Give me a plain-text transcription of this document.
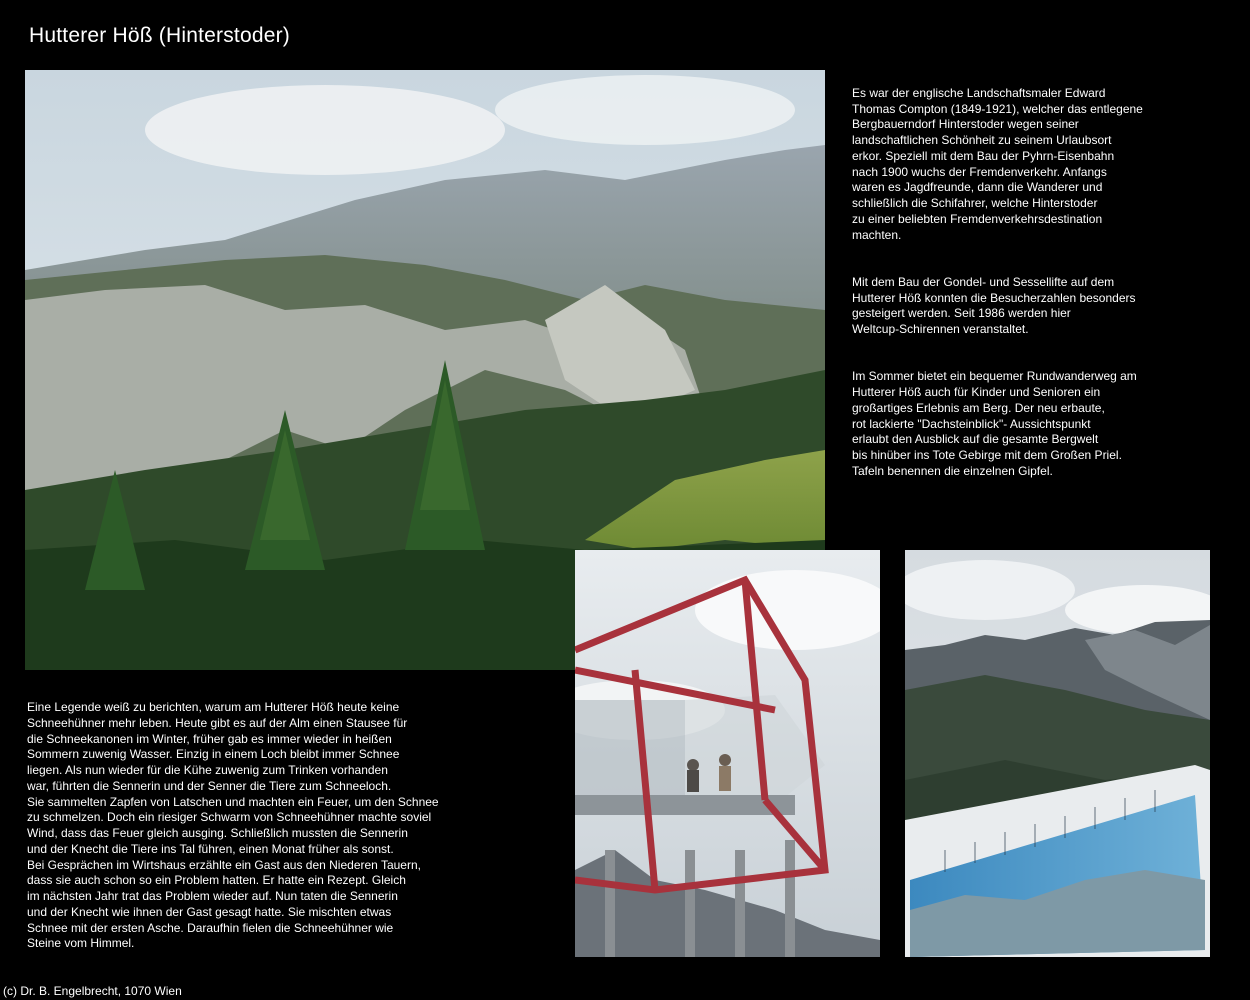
Hutterer Höß (Hinterstoder)

Es war der englische Landschaftsmaler Edward
Thomas Compton (1849-1921), welcher das entlegene
Bergbauerndorf Hinterstoder wegen seiner
landschaftlichen Schönheit zu seinem Urlaubsort
erkor. Speziell mit dem Bau der Pyhrn-Eisenbahn
nach 1900 wuchs der Fremdenverkehr. Anfangs
waren es Jagdfreunde, dann die Wanderer und
schließlich die Schifahrer, welche Hinterstoder
zu einer beliebten Fremdenverkehrsdestination
machten.

Mit dem Bau der Gondel- und Sessellifte auf dem
Hutterer Höß konnten die Besucherzahlen besonders
gesteigert werden. Seit 1986 werden hier
Weltcup-Schirennen veranstaltet.

Im Sommer bietet ein bequemer Rundwanderweg am
Hutterer Höß auch für Kinder und Senioren ein
großartiges Erlebnis am Berg. Der neu erbaute,
rot lackierte "Dachsteinblick"- Aussichtspunkt
erlaubt den Ausblick auf die gesamte Bergwelt
bis hinüber ins Tote Gebirge mit dem Großen Priel.
Tafeln benennen die einzelnen Gipfel.

Eine Legende weiß zu berichten, warum am Hutterer Höß heute keine
Schneehühner mehr leben. Heute gibt es auf der Alm einen Stausee für
die Schneekanonen im Winter, früher gab es immer wieder in heißen
Sommern zuwenig Wasser. Einzig in einem Loch bleibt immer Schnee
liegen. Als nun wieder für die Kühe zuwenig zum Trinken vorhanden
war, führten die Sennerin und der Senner die Tiere zum Schneeloch.
Sie sammelten Zapfen von Latschen und machten ein Feuer, um den Schnee
zu schmelzen. Doch ein riesiger Schwarm von Schneehühner machte soviel
Wind, dass das Feuer gleich ausging. Schließlich mussten die Sennerin
und der Knecht die Tiere ins Tal führen, einen Monat früher als sonst.
Bei Gesprächen im Wirtshaus erzählte ein Gast aus den Niederen Tauern,
dass sie auch schon so ein Problem hatten. Er hatte ein Rezept. Gleich
im nächsten Jahr trat das Problem wieder auf. Nun taten die Sennerin
und der Knecht wie ihnen der Gast gesagt hatte. Sie mischten etwas
Schnee mit der ersten Asche. Daraufhin fielen die Schneehühner wie
Steine vom Himmel.
(c) Dr. B. Engelbrecht, 1070 Wien
